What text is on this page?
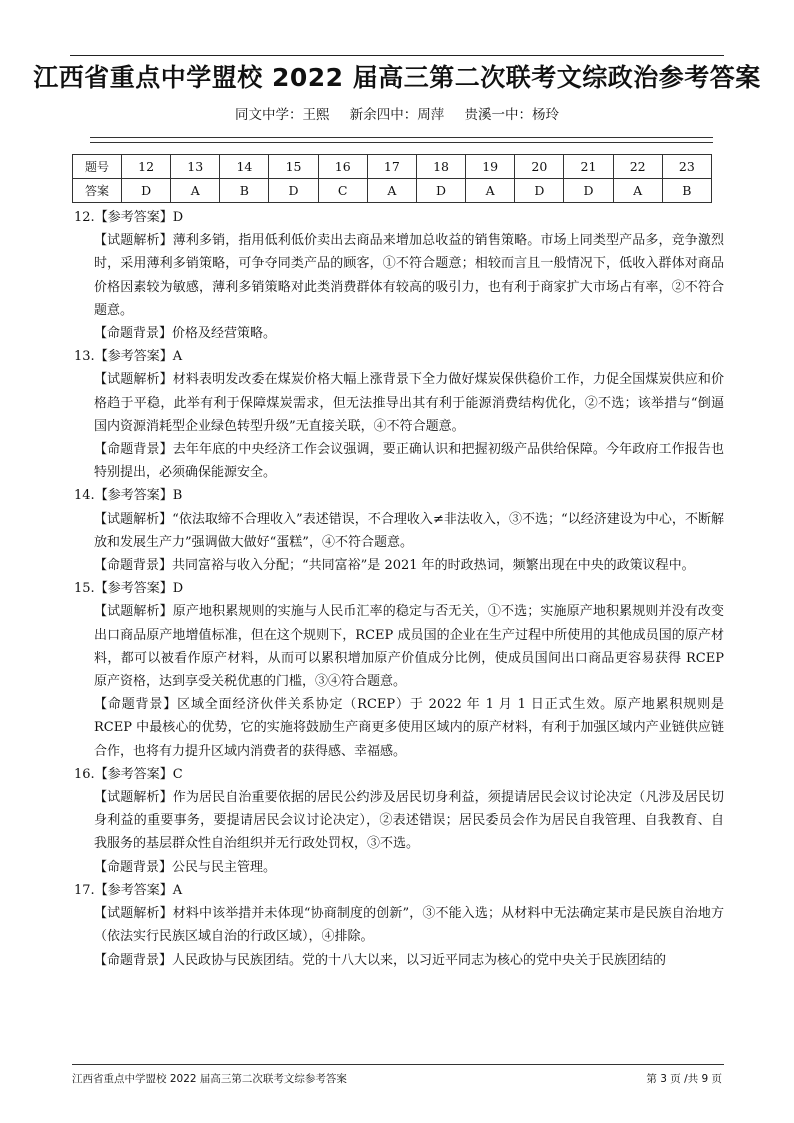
江西省重点中学盟校 2022 届高三第二次联考文综政治参考答案
同文中学：王熙 新余四中：周萍 贵溪一中：杨玲
题号	12	13	14	15	16	17	18	19	20	21	22	23
答案	D	A	B	D	C	A	D	A	D	D	A	B
12.【参考答案】D
【试题解析】薄利多销，指用低利低价卖出去商品来增加总收益的销售策略。市场上同类型产品多，竞争激烈时，采用薄利多销策略，可争夺同类产品的顾客，①不符合题意；相较而言且一般情况下，低收入群体对商品价格因素较为敏感，薄利多销策略对此类消费群体有较高的吸引力，也有利于商家扩大市场占有率，②不符合题意。
【命题背景】价格及经营策略。
13.【参考答案】A
【试题解析】材料表明发改委在煤炭价格大幅上涨背景下全力做好煤炭保供稳价工作，力促全国煤炭供应和价格趋于平稳，此举有利于保障煤炭需求，但无法推导出其有利于能源消费结构优化，②不选；该举措与“倒逼国内资源消耗型企业绿色转型升级”无直接关联，④不符合题意。
【命题背景】去年年底的中央经济工作会议强调，要正确认识和把握初级产品供给保障。今年政府工作报告也特别提出，必须确保能源安全。
14.【参考答案】B
【试题解析】“依法取缔不合理收入”表述错误，不合理收入≠非法收入，③不选；“以经济建设为中心，不断解放和发展生产力”强调做大做好“蛋糕”，④不符合题意。
【命题背景】共同富裕与收入分配；“共同富裕”是 2021 年的时政热词，频繁出现在中央的政策议程中。
15.【参考答案】D
【试题解析】原产地积累规则的实施与人民币汇率的稳定与否无关，①不选；实施原产地积累规则并没有改变出口商品原产地增值标准，但在这个规则下，RCEP 成员国的企业在生产过程中所使用的其他成员国的原产材料，都可以被看作原产材料，从而可以累积增加原产价值成分比例，使成员国间出口商品更容易获得 RCEP 原产资格，达到享受关税优惠的门槛，③④符合题意。
【命题背景】区域全面经济伙伴关系协定（RCEP）于 2022 年 1 月 1 日正式生效。原产地累积规则是 RCEP 中最核心的优势，它的实施将鼓励生产商更多使用区域内的原产材料，有利于加强区域内产业链供应链合作，也将有力提升区域内消费者的获得感、幸福感。
16.【参考答案】C
【试题解析】作为居民自治重要依据的居民公约涉及居民切身利益，须提请居民会议讨论决定（凡涉及居民切身利益的重要事务，要提请居民会议讨论决定），②表述错误；居民委员会作为居民自我管理、自我教育、自我服务的基层群众性自治组织并无行政处罚权，③不选。
【命题背景】公民与民主管理。
17.【参考答案】A
【试题解析】材料中该举措并未体现“协商制度的创新”，③不能入选；从材料中无法确定某市是民族自治地方（依法实行民族区域自治的行政区域），④排除。
【命题背景】人民政协与民族团结。党的十八大以来，以习近平同志为核心的党中央关于民族团结的
江西省重点中学盟校 2022 届高三第二次联考文综参考答案	第 3 页 /共 9 页
